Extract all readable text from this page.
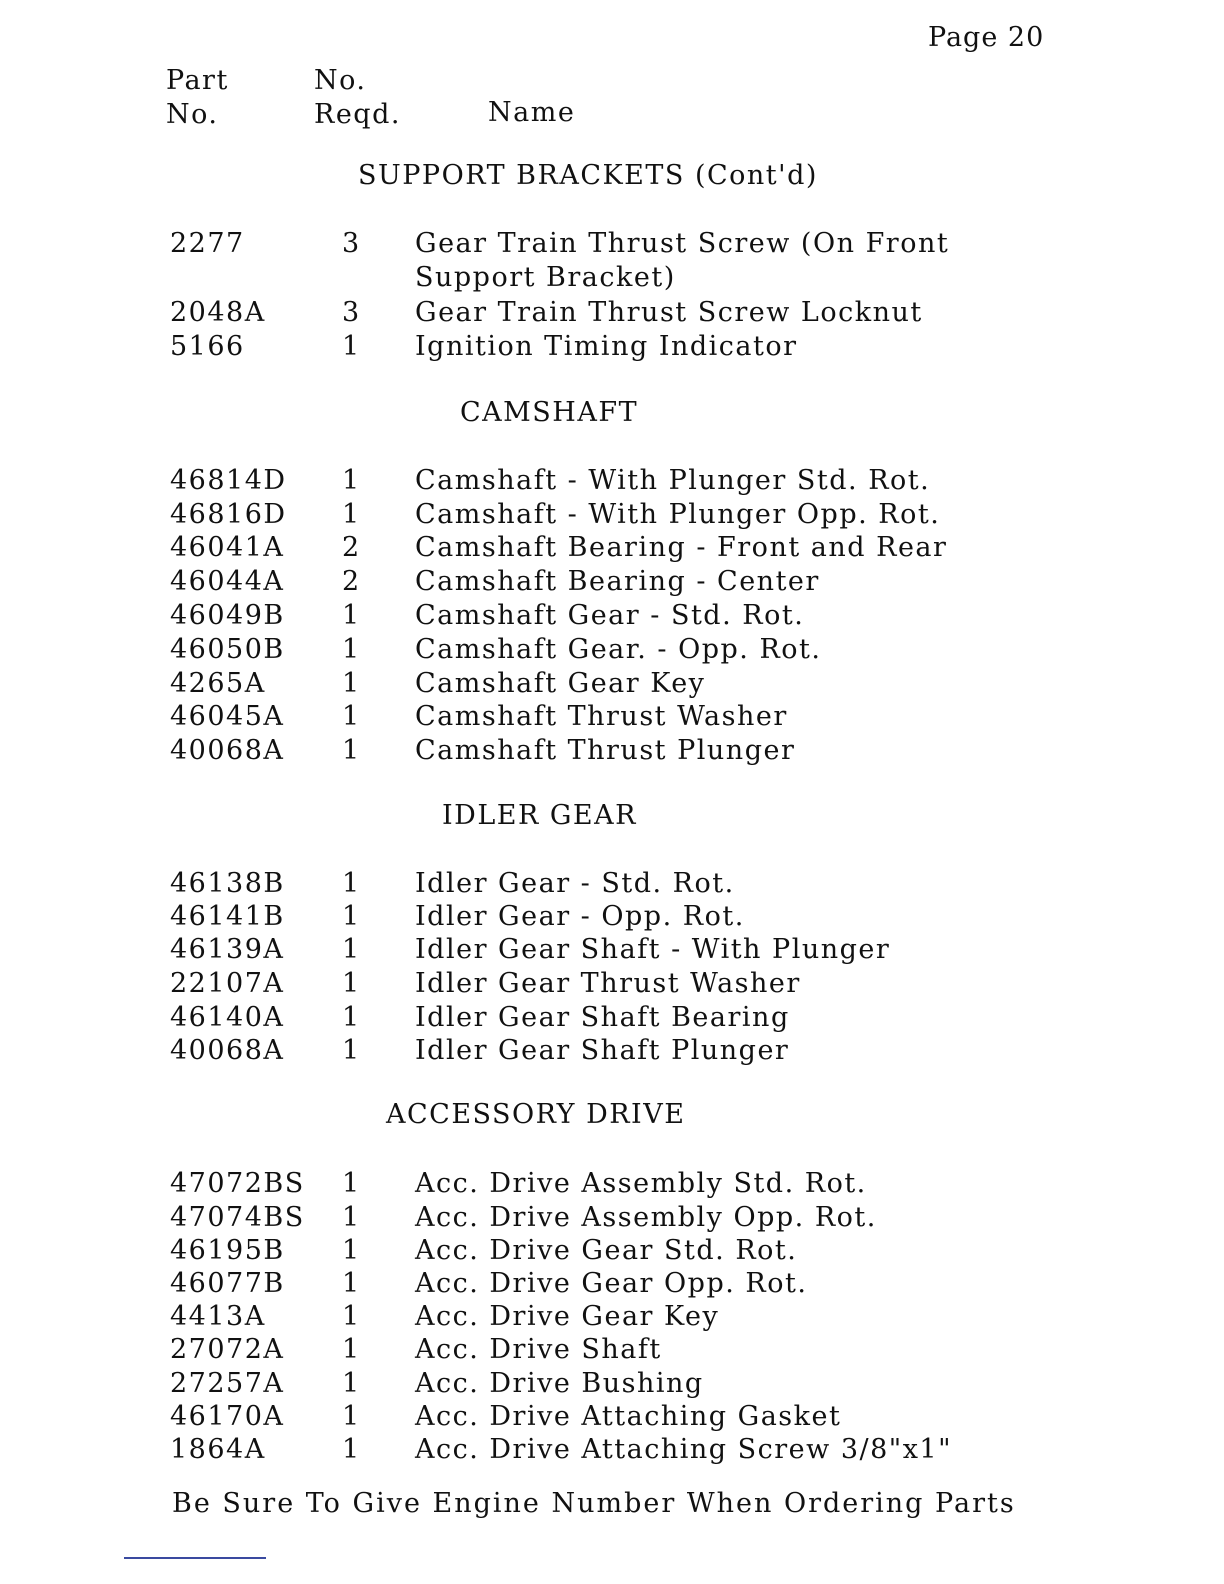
Page 20
Part
No.
No.
Reqd.	Name
SUPPORT BRACKETS (Cont'd)
2277	3 Gear Train Thrust Screw (On Front
Support Bracket)
2048A	3 Gear Train Thrust Screw Locknut
5166	1 Ignition Timing Indicator
CAMSHAFT
46814D 1 Camshaft - With Plunger Std. Rot.
46816D 1 Camshaft - With Plunger Opp. Rot.
46041A 2 Camshaft Bearing - Front and Rear
46044A 2 Camshaft Bearing - Center
46049B 1 Camshaft Gear - Std. Rot.
46050B 1 Camshaft Gear. - Opp. Rot.
4265A	1 Camshaft Gear Key
46045A 1 Camshaft Thrust Washer
40068A 1 Camshaft Thrust Plunger
IDLER GEAR
46138B 1 Idler Gear - Std. Rot.
46141B 1 Idler Gear - Opp. Rot.
46139A 1 Idler Gear Shaft - With Plunger
22107A 1 Idler Gear Thrust Washer
46140A 1 Idler Gear Shaft Bearing
40068A 1 Idler Gear Shaft Plunger
ACCESSORY DRIVE
47072BS 1 Acc. Drive Assembly Std. Rot.
47074BS 1 Acc. Drive Assembly Opp. Rot.
46195B 1 Acc. Drive Gear Std. Rot.
46077B 1 Acc. Drive Gear Opp. Rot.
4413A	1 Acc. Drive Gear Key
27072A 1 Acc. Drive Shaft
27257A 1 Acc. Drive Bushing
46170A 1 Acc. Drive Attaching Gasket
1864A	1 Acc. Drive Attaching Screw 3/8"x1"
Be Sure To Give Engine Number When Ordering Parts
